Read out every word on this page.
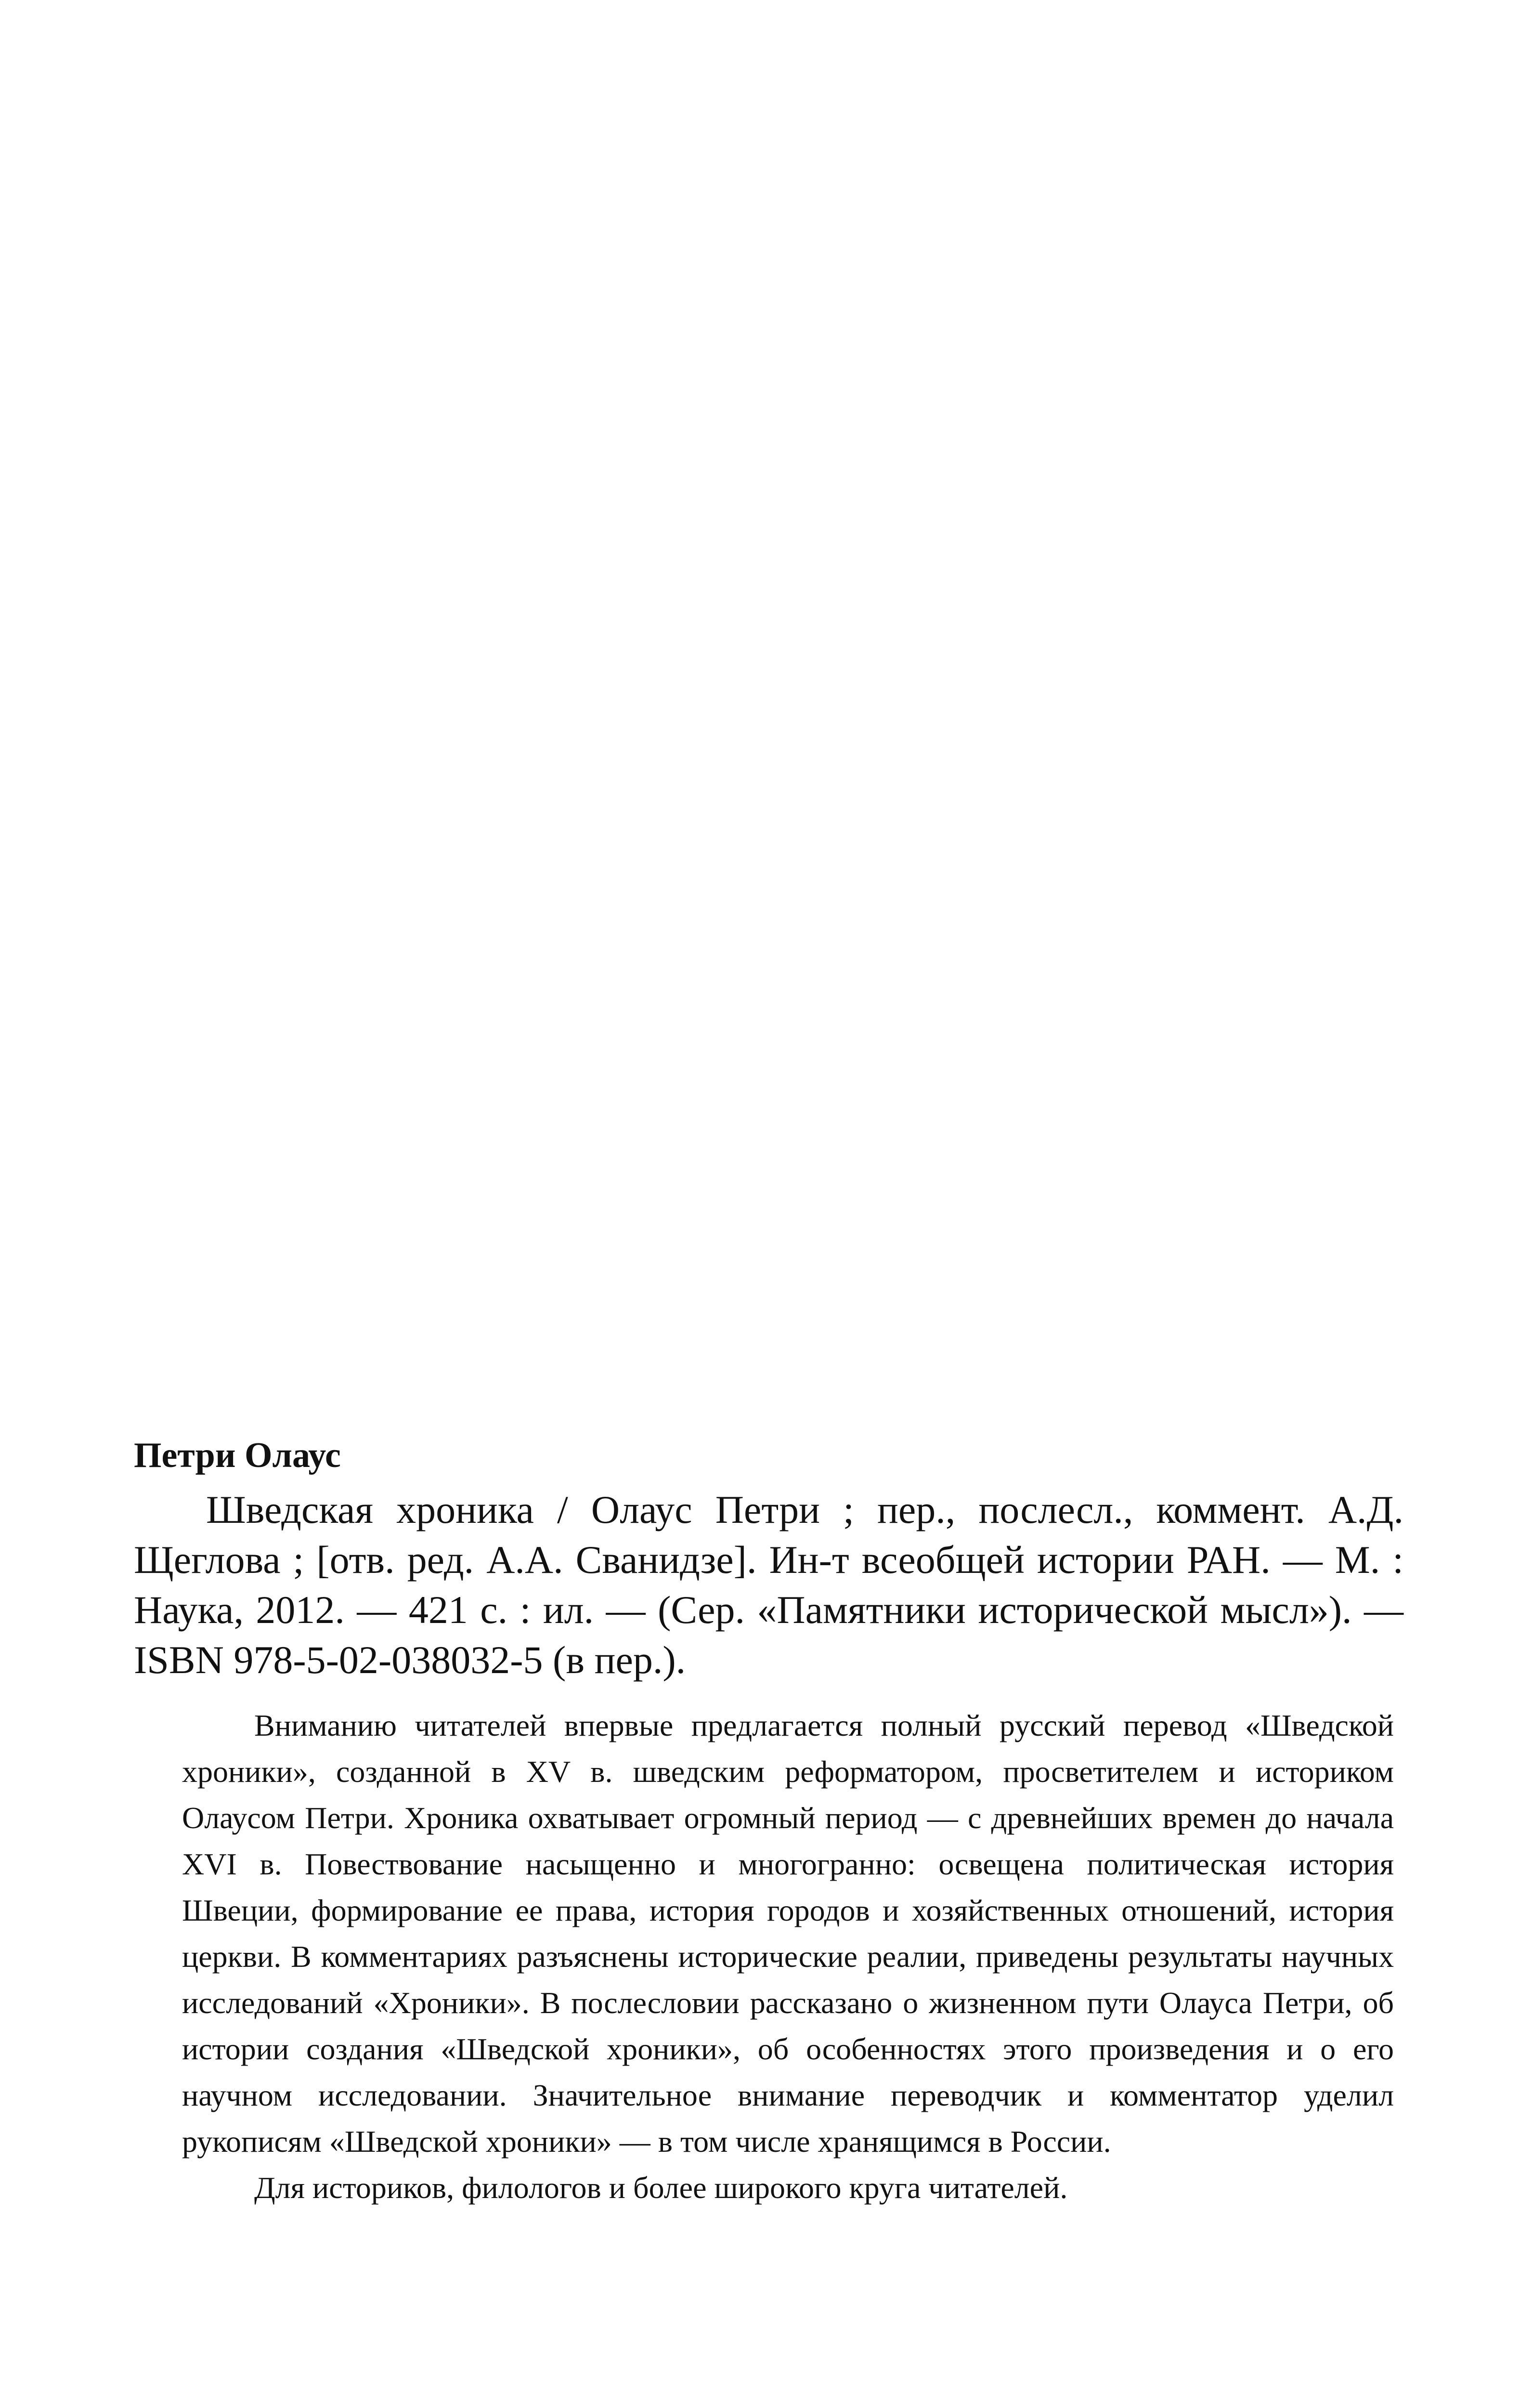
Петри Олаус

Шведская хроника / Олаус Петри ; пер., послесл., коммент. А.Д. Щеглова ; [отв. ред. А.А. Сванидзе]. Ин-т всеобщей истории РАН. — М. : Наука, 2012. — 421 с. : ил. — (Сер. «Памятники исторической мысл»). — ISBN 978-5-02-038032-5 (в пер.).

Вниманию читателей впервые предлагается полный русский перевод «Шведской хроники», созданной в XV в. шведским реформатором, просветителем и историком Олаусом Петри. Хроника охватывает огромный период — с древнейших времен до начала XVI в. Повествование насыщенно и многогранно: освещена политическая история Швеции, формирование ее права, история городов и хозяйственных отношений, история церкви. В комментариях разъяснены исторические реалии, приведены результаты научных исследований «Хроники». В послесловии рассказано о жизненном пути Олауса Петри, об истории создания «Шведской хроники», об особенностях этого произведения и о его научном исследовании. Значительное внимание переводчик и комментатор уделил рукописям «Шведской хроники» — в том числе хранящимся в России.

Для историков, филологов и более широкого круга читателей.
